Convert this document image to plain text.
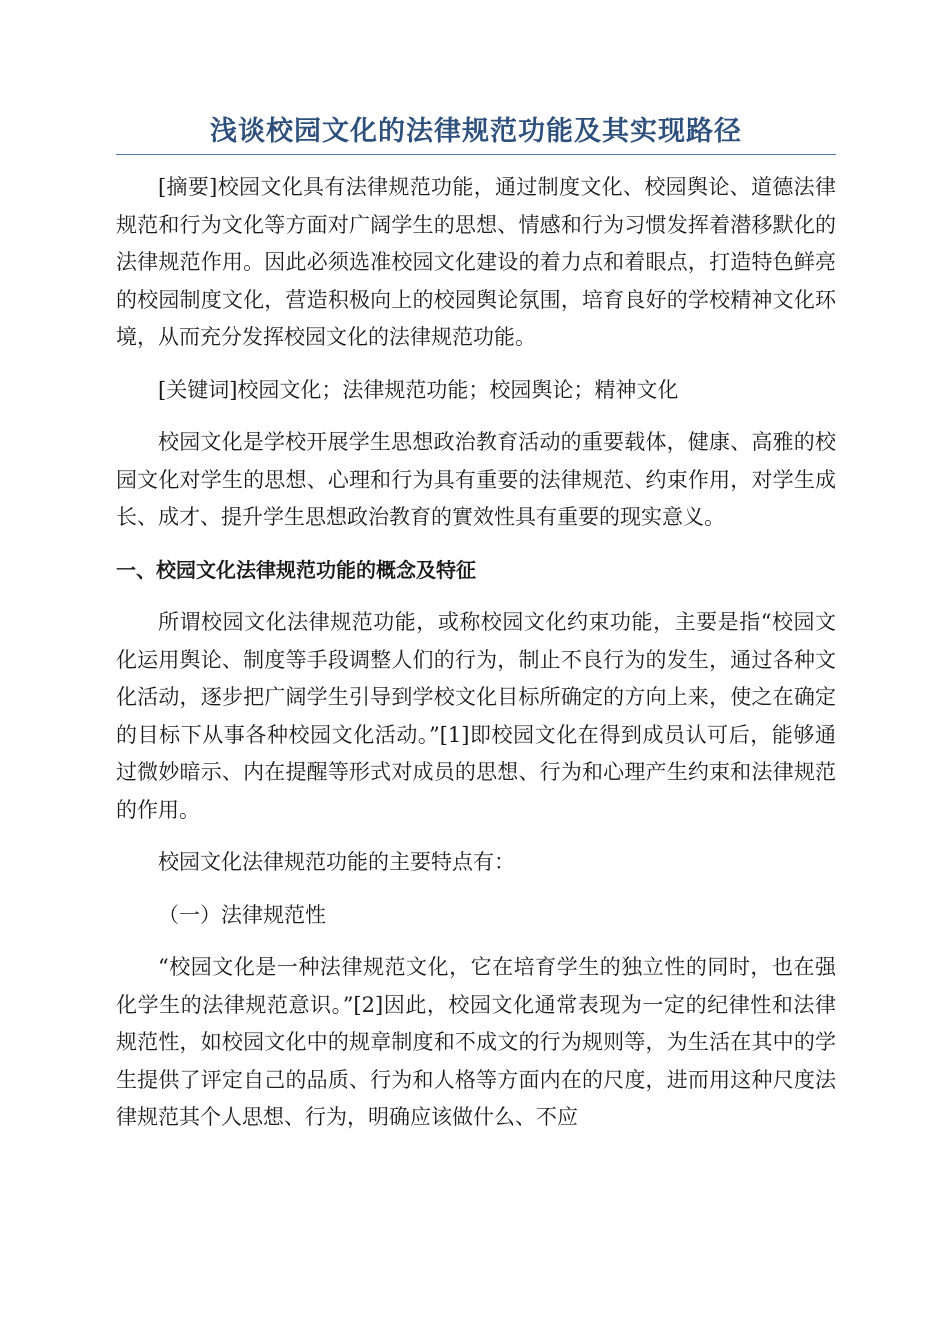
浅谈校园文化的法律规范功能及其实现路径

[摘要]校园文化具有法律规范功能，通过制度文化、校园舆论、道德法律规范和行为文化等方面对广阔学生的思想、情感和行为习惯发挥着潜移默化的法律规范作用。因此必须选准校园文化建设的着力点和着眼点，打造特色鲜亮的校园制度文化，营造积极向上的校园舆论氛围，培育良好的学校精神文化环境，从而充分发挥校园文化的法律规范功能。

[关键词]校园文化；法律规范功能；校园舆论；精神文化

校园文化是学校开展学生思想政治教育活动的重要载体，健康、高雅的校园文化对学生的思想、心理和行为具有重要的法律规范、约束作用，对学生成长、成才、提升学生思想政治教育的實效性具有重要的现实意义。

一、校园文化法律规范功能的概念及特征

所谓校园文化法律规范功能，或称校园文化约束功能，主要是指“校园文化运用舆论、制度等手段调整人们的行为，制止不良行为的发生，通过各种文化活动，逐步把广阔学生引导到学校文化目标所确定的方向上来，使之在确定的目标下从事各种校园文化活动。”[1]即校园文化在得到成员认可后，能够通过微妙暗示、内在提醒等形式对成员的思想、行为和心理产生约束和法律规范的作用。

校园文化法律规范功能的主要特点有：

（一）法律规范性

“校园文化是一种法律规范文化，它在培育学生的独立性的同时，也在强化学生的法律规范意识。”[2]因此，校园文化通常表现为一定的纪律性和法律规范性，如校园文化中的规章制度和不成文的行为规则等，为生活在其中的学生提供了评定自己的品质、行为和人格等方面内在的尺度，进而用这种尺度法律规范其个人思想、行为，明确应该做什么、不应
